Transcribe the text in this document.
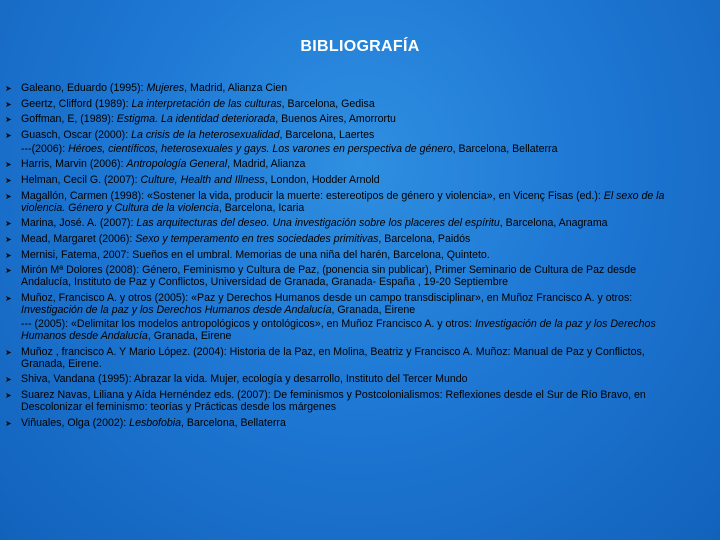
BIBLIOGRAFÍA
➤ Galeano, Eduardo (1995): Mujeres, Madrid, Alianza Cien
➤ Geertz, Clifford (1989): La interpretación de las culturas, Barcelona, Gedisa
➤ Goffman, E, (1989): Estigma. La identidad deteriorada, Buenos Aires, Amorrortu
➤ Guasch, Oscar (2000): La crisis de la heterosexualidad, Barcelona, Laertes
---(2006): Héroes, científicos, heterosexuales y gays. Los varones en perspectiva de género, Barcelona, Bellaterra
➤ Harris, Marvin (2006): Antropología General, Madrid, Alianza
➤ Helman, Cecil G. (2007): Culture, Health and Illness, London, Hodder Arnold
➤ Magallón, Carmen (1998): «Sostener la vida, producir la muerte: estereotipos de género y violencia», en Vicenç Fisas (ed.): El sexo de la violencia. Género y Cultura de la violencia, Barcelona, Icaria
➤ Marina, José. A. (2007): Las arquitecturas del deseo. Una investigación sobre los placeres del espíritu, Barcelona, Anagrama
➤ Mead, Margaret (2006): Sexo y temperamento en tres sociedades primitivas, Barcelona, Paidós
➤ Mernisi, Fatema, 2007: Sueños en el umbral. Memorias de una niña del harén, Barcelona, Quinteto.
➤ Mirón Mª Dolores (2008): Género, Feminismo y Cultura de Paz, (ponencia sin publicar), Primer Seminario de Cultura de Paz desde Andalucía, Instituto de Paz y Conflictos, Universidad de Granada, Granada- España , 19-20 Septiembre
➤ Muñoz, Francisco A. y otros (2005): «Paz y Derechos Humanos desde un campo transdisciplinar», en Muñoz Francisco A. y otros: Investigación de la paz y los Derechos Humanos desde Andalucía, Granada, Eirene
--- (2005): «Delimitar los modelos antropológicos y ontológicos», en Muñoz Francisco A. y otros: Investigación de la paz y los Derechos Humanos desde Andalucía, Granada, Eirene
➤ Muñoz , francisco A. Y Mario López. (2004): Historia de la Paz, en Molina, Beatriz y Francisco A. Muñoz: Manual de Paz y Conflictos, Granada, Eirene.
➤ Shiva, Vandana (1995): Abrazar la vida. Mujer, ecología y desarrollo, Instituto del Tercer Mundo
➤ Suarez Navas, Liliana y Aída Hernéndez eds. (2007): De feminismos y Postcolonialismos: Reflexiones desde el Sur de Río Bravo, en Descolonizar el feminismo: teorías y Prácticas desde los márgenes
➤ Viñuales, Olga (2002): Lesbofobia, Barcelona, Bellaterra
